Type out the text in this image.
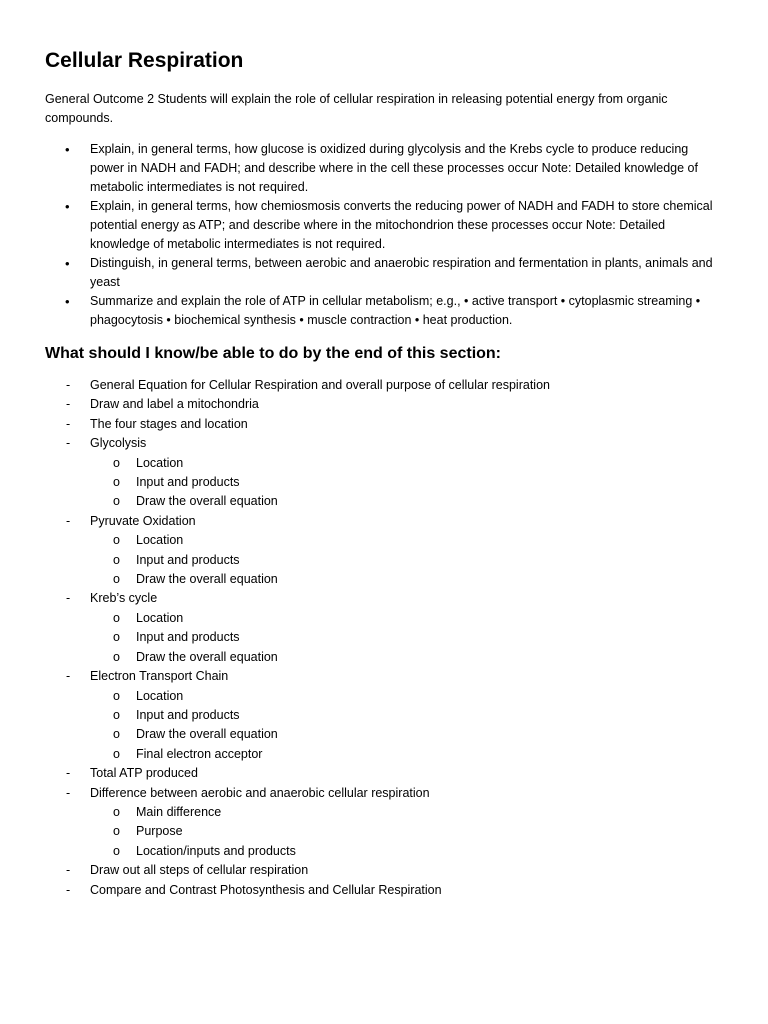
Cellular Respiration

General Outcome 2 Students will explain the role of cellular respiration in releasing potential energy from organic compounds.

• Explain, in general terms, how glucose is oxidized during glycolysis and the Krebs cycle to produce reducing power in NADH and FADH; and describe where in the cell these processes occur Note: Detailed knowledge of metabolic intermediates is not required.
• Explain, in general terms, how chemiosmosis converts the reducing power of NADH and FADH to store chemical potential energy as ATP; and describe where in the mitochondrion these processes occur Note: Detailed knowledge of metabolic intermediates is not required.
• Distinguish, in general terms, between aerobic and anaerobic respiration and fermentation in plants, animals and yeast
• Summarize and explain the role of ATP in cellular metabolism; e.g., • active transport • cytoplasmic streaming • phagocytosis • biochemical synthesis • muscle contraction • heat production.
What should I know/be able to do by the end of this section:
- General Equation for Cellular Respiration and overall purpose of cellular respiration
- Draw and label a mitochondria
- The four stages and location
- Glycolysis
o Location
o Input and products
o Draw the overall equation
- Pyruvate Oxidation
o Location
o Input and products
o Draw the overall equation
- Kreb’s cycle
o Location
o Input and products
o Draw the overall equation
- Electron Transport Chain
o Location
o Input and products
o Draw the overall equation
o Final electron acceptor
- Total ATP produced
- Difference between aerobic and anaerobic cellular respiration
o Main difference
o Purpose
o Location/inputs and products
- Draw out all steps of cellular respiration
- Compare and Contrast Photosynthesis and Cellular Respiration
